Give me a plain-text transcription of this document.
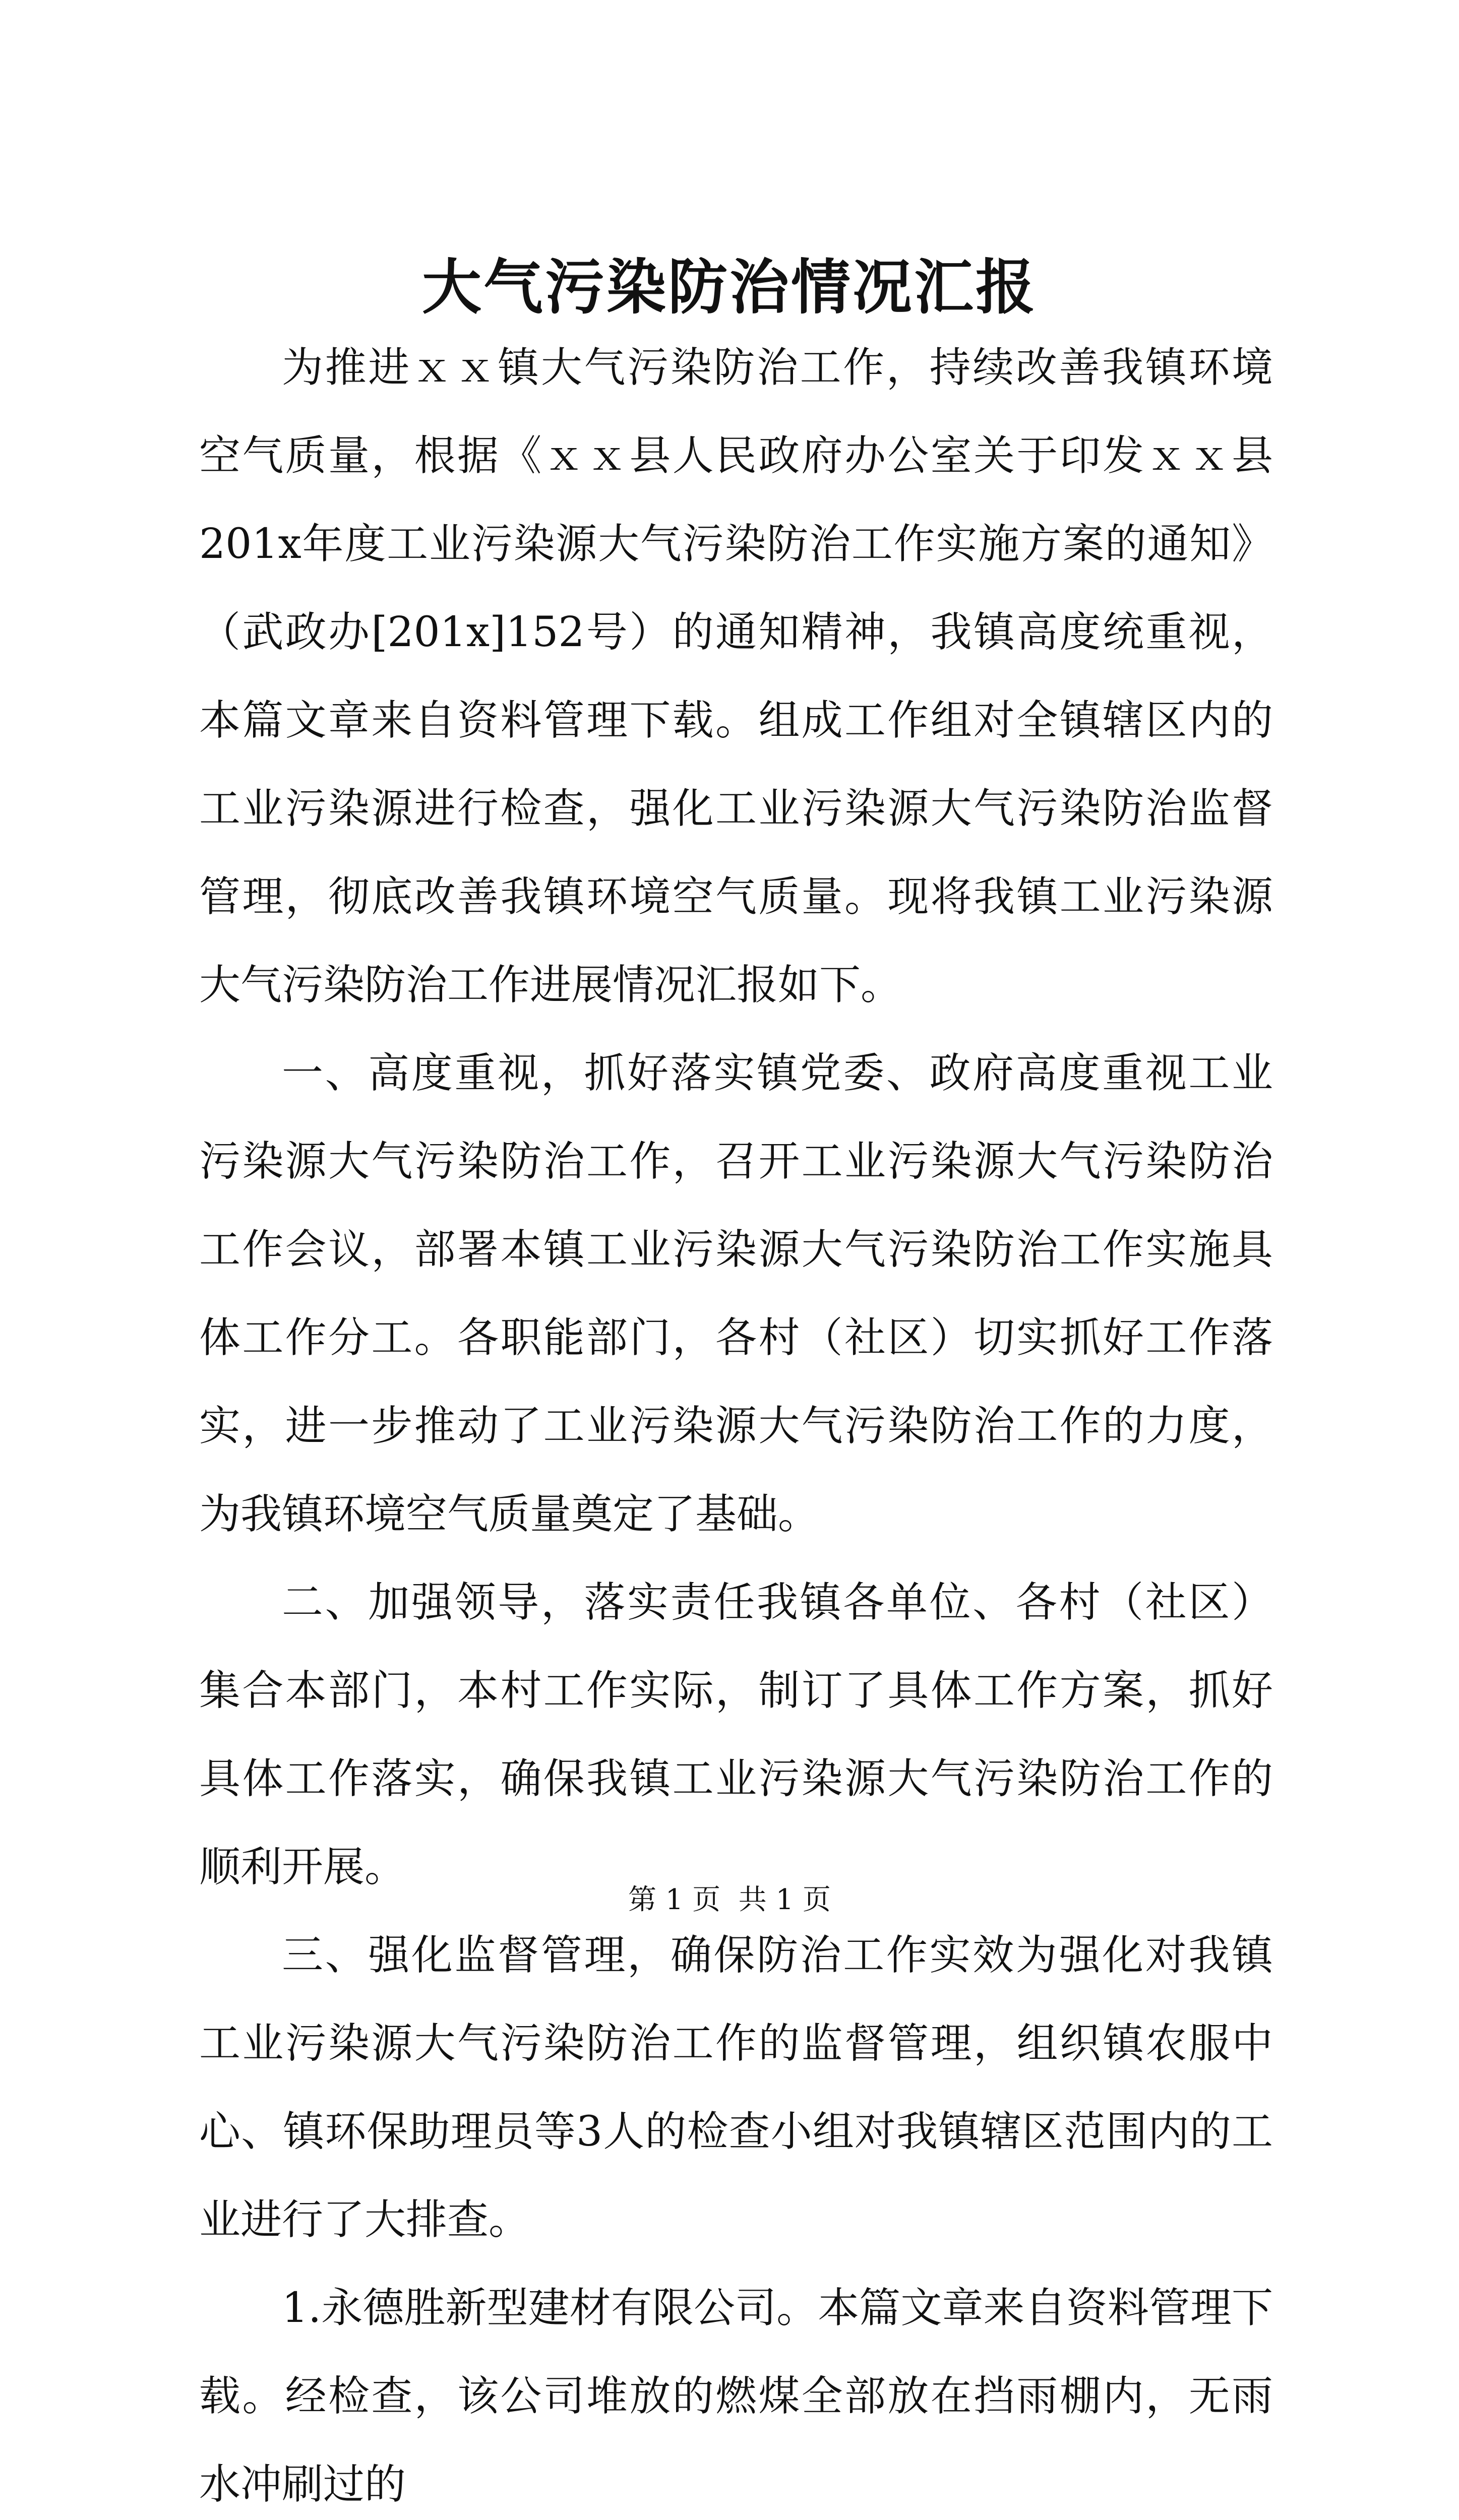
大气污染防治情况汇报

为推进ｘｘ镇大气污染防治工作，持续改善我镇环境空气质量，根据《ｘｘ县人民政府办公室关于印发ｘｘ县201x年度工业污染源大气污染防治工作实施方案的通知》（武政办[201x]152号）的通知精神，我镇高度统重视，本篇文章来自资料管理下载。组成工作组对全镇辖区内的工业污染源进行检查，强化工业污染源大气污染防治监督管理，彻底改善我镇环境空气质量。现将我镇工业污染源大气污染防治工作进展情况汇报如下。

一、高度重视，抓好落实镇党委、政府高度重视工业污染源大气污染防治工作，召开工业污染源大气污染防治工作会议，部署本镇工业污染源大气污染防治工作实施具体工作分工。各职能部门，各村（社区）切实抓好工作落实，进一步推动了工业污染源大气污染防治工作的力度，为我镇环境空气质量奠定了基础。

二、加强领导，落实责任我镇各单位、各村（社区）集合本部门，本村工作实际，制订了具体工作方案，抓好具体工作落实，确保我镇工业污染源大气污染防治工作的顺利开展。

三、强化监督管理，确保防治工作实效为强化对我镇工业污染源大气污染防治工作的监督管理，组织镇农服中心、镇环保助理员等3人的检查小组对我镇辖区范围内的工业进行了大排查。

1.永德胜新型建材有限公司。本篇文章来自资料管理下载。经检查，该公司堆放的燃煤全部放在挡雨棚内，无雨水冲刷过的

第 1 页  共 1 页
